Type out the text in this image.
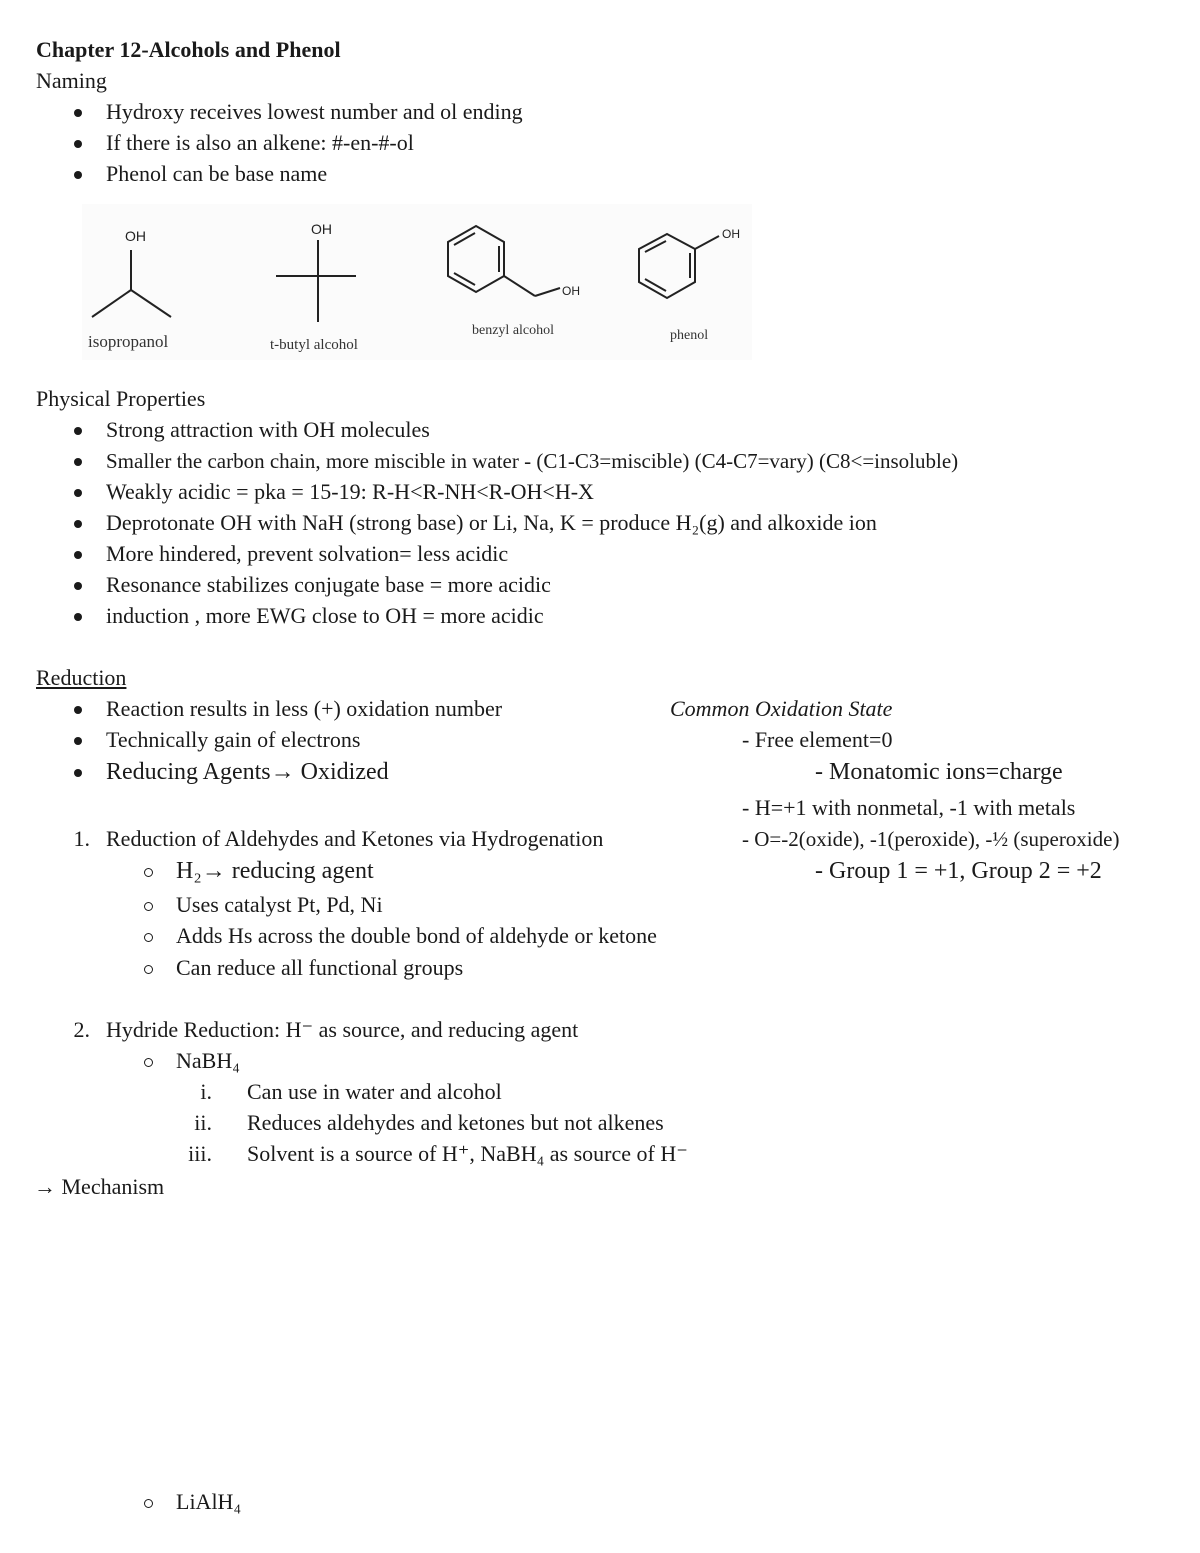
Chapter 12-Alcohols and Phenol
Naming
Hydroxy receives lowest number and ol ending
If there is also an alkene: #-en-#-ol
Phenol can be base name
OH	OH
OH
OH
isopropanol	t-butyl alcohol
benzyl alcohol	phenol
Physical Properties
Strong attraction with OH molecules
Smaller the carbon chain, more miscible in water - (C1-C3=miscible) (C4-C7=vary) (C8<=insoluble)
Weakly acidic = pka = 15-19: R-H<R-NH<R-OH<H-X
Deprotonate OH with NaH (strong base) or Li, Na, K = produce H₂(g) and alkoxide ion
More hindered, prevent solvation= less acidic
Resonance stabilizes conjugate base = more acidic
induction , more EWG close to OH = more acidic
Reduction
Reaction results in less (+) oxidation number
Technically gain of electrons
Reducing Agents→ Oxidized
Common Oxidation State
- Free element=0
- Monatomic ions=charge
- H=+1 with nonmetal, -1 with metals
- O=-2(oxide), -1(peroxide), -½ (superoxide)
- Group 1 = +1, Group 2 = +2
1. Reduction of Aldehydes and Ketones via Hydrogenation
H₂→ reducing agent
Uses catalyst Pt, Pd, Ni
Adds Hs across the double bond of aldehyde or ketone
Can reduce all functional groups
2. Hydride Reduction: H⁻ as source, and reducing agent
NaBH₄
i. Can use in water and alcohol
ii. Reduces aldehydes and ketones but not alkenes
iii. Solvent is a source of H⁺, NaBH₄ as source of H⁻
→ Mechanism
LiAlH₄
